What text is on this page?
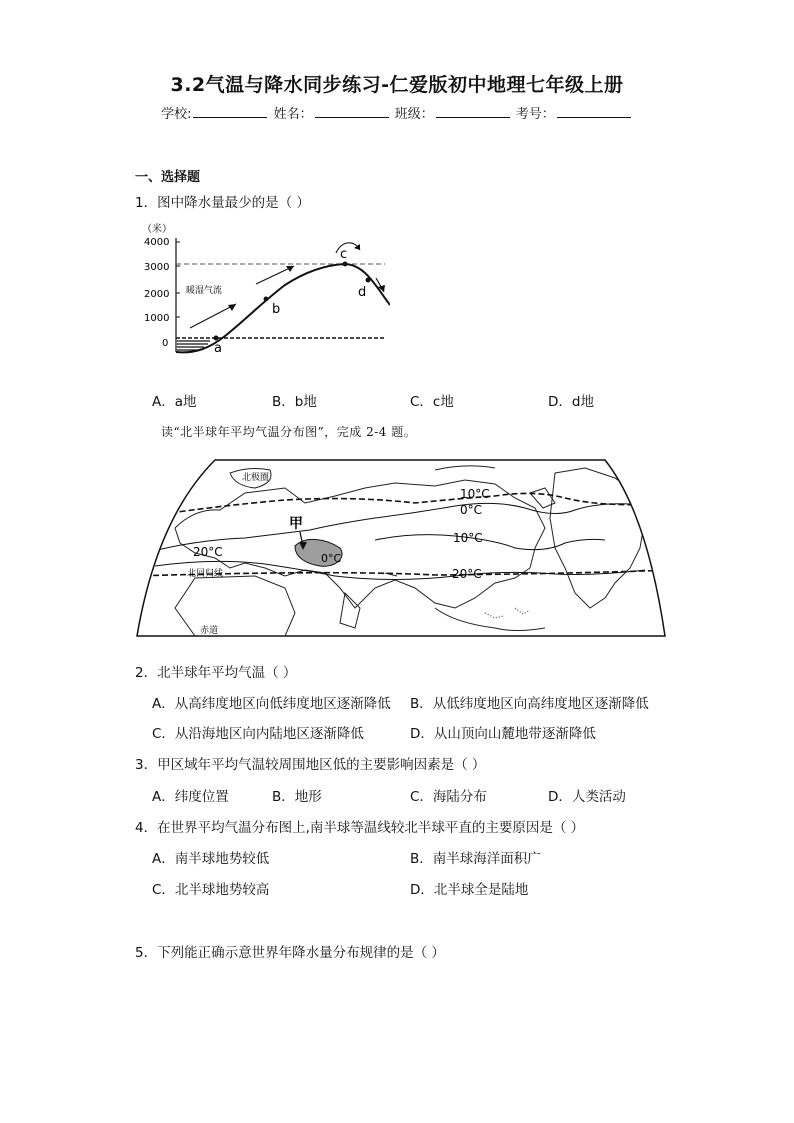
3.2气温与降水同步练习-仁爱版初中地理七年级上册
学校:	姓名：	班级：	考号：
一、选择题
1．图中降水量最少的是（ ）
（米）
4000
3000
2000
1000
0	a
b
c
d
暖湿气流
A．a地	B．b地	C．c地	D．d地
读“北半球年平均气温分布图”，完成 2-4 题。
北极圈
北回归线
赤道
甲
10°C
0°C
10°C
20°C
20°C	0°C
2．北半球年平均气温（ ）
A．从高纬度地区向低纬度地区逐渐降低 B．从低纬度地区向高纬度地区逐渐降低
C．从沿海地区向内陆地区逐渐降低	D．从山顶向山麓地带逐渐降低
3．甲区域年平均气温较周围地区低的主要影响因素是（ ）
A．纬度位置	B．地形	C．海陆分布	D．人类活动
4．在世界平均气温分布图上,南半球等温线较北半球平直的主要原因是（ ）
A．南半球地势较低	B．南半球海洋面积广
C．北半球地势较高	D．北半球全是陆地
5．下列能正确示意世界年降水量分布规律的是（ ）
